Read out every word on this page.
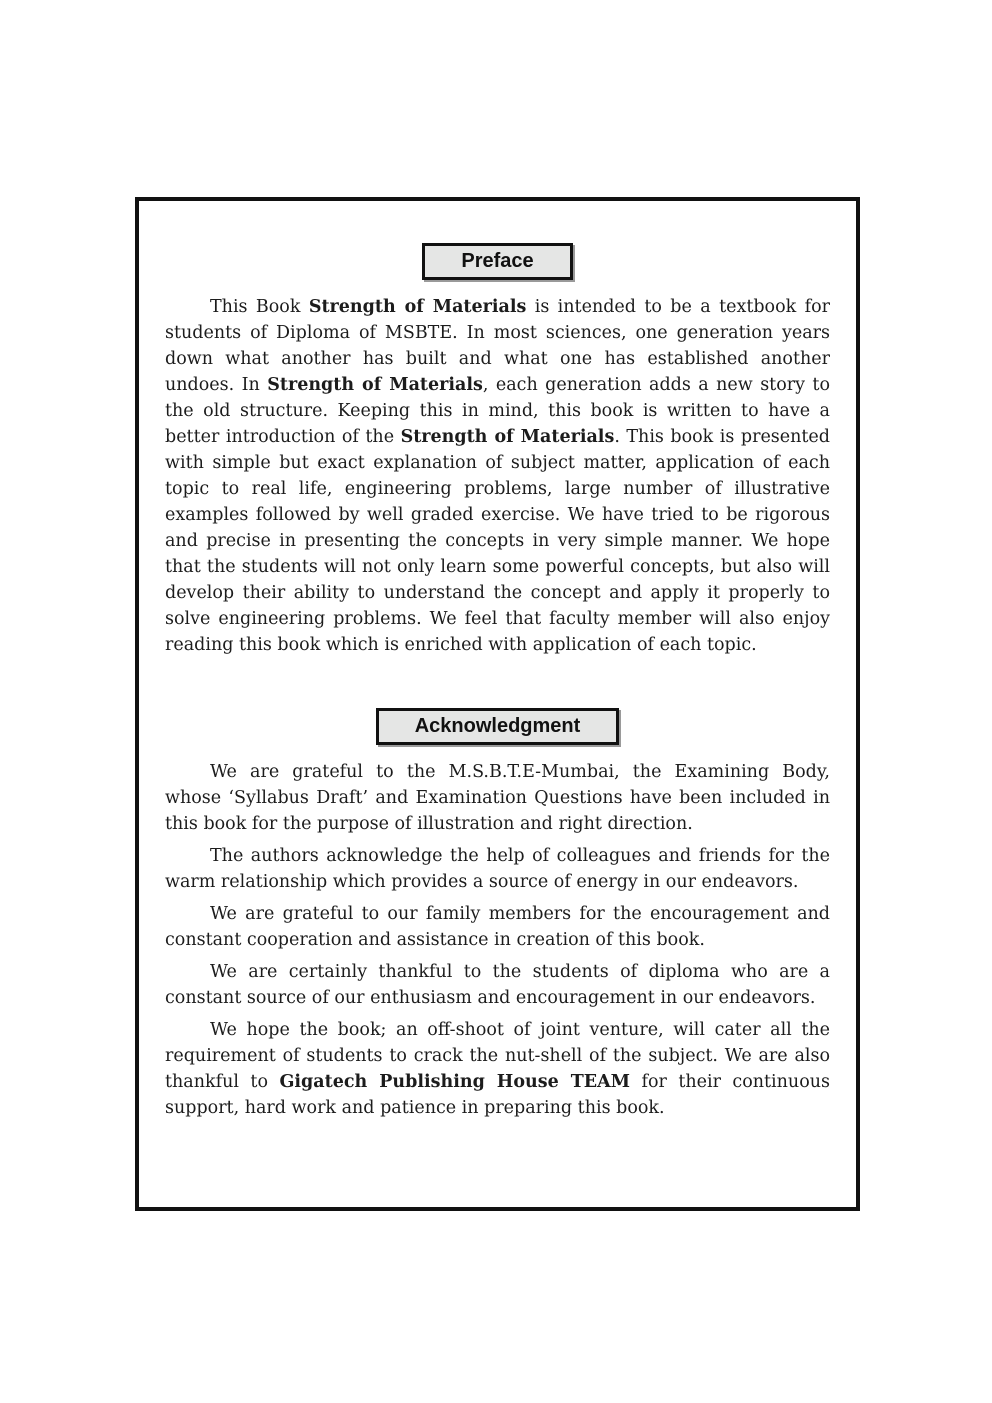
Preface

This Book Strength of Materials is intended to be a textbook for students of Diploma of MSBTE. In most sciences, one generation years down what another has built and what one has established another undoes. In Strength of Materials, each generation adds a new story to the old structure. Keeping this in mind, this book is written to have a better introduction of the Strength of Materials. This book is presented with simple but exact explanation of subject matter, application of each topic to real life, engineering problems, large number of illustrative examples followed by well graded exercise. We have tried to be rigorous and precise in presenting the concepts in very simple manner. We hope that the students will not only learn some powerful concepts, but also will develop their ability to understand the concept and apply it properly to solve engineering problems. We feel that faculty member will also enjoy reading this book which is enriched with application of each topic.

Acknowledgment

We are grateful to the M.S.B.T.E-Mumbai, the Examining Body, whose ‘Syllabus Draft’ and Examination Questions have been included in this book for the purpose of illustration and right direction.

The authors acknowledge the help of colleagues and friends for the warm relationship which provides a source of energy in our endeavors.

We are grateful to our family members for the encouragement and constant cooperation and assistance in creation of this book.

We are certainly thankful to the students of diploma who are a constant source of our enthusiasm and encouragement in our endeavors.

We hope the book; an off-shoot of joint venture, will cater all the requirement of students to crack the nut-shell of the subject. We are also thankful to Gigatech Publishing House TEAM for their continuous support, hard work and patience in preparing this book.
